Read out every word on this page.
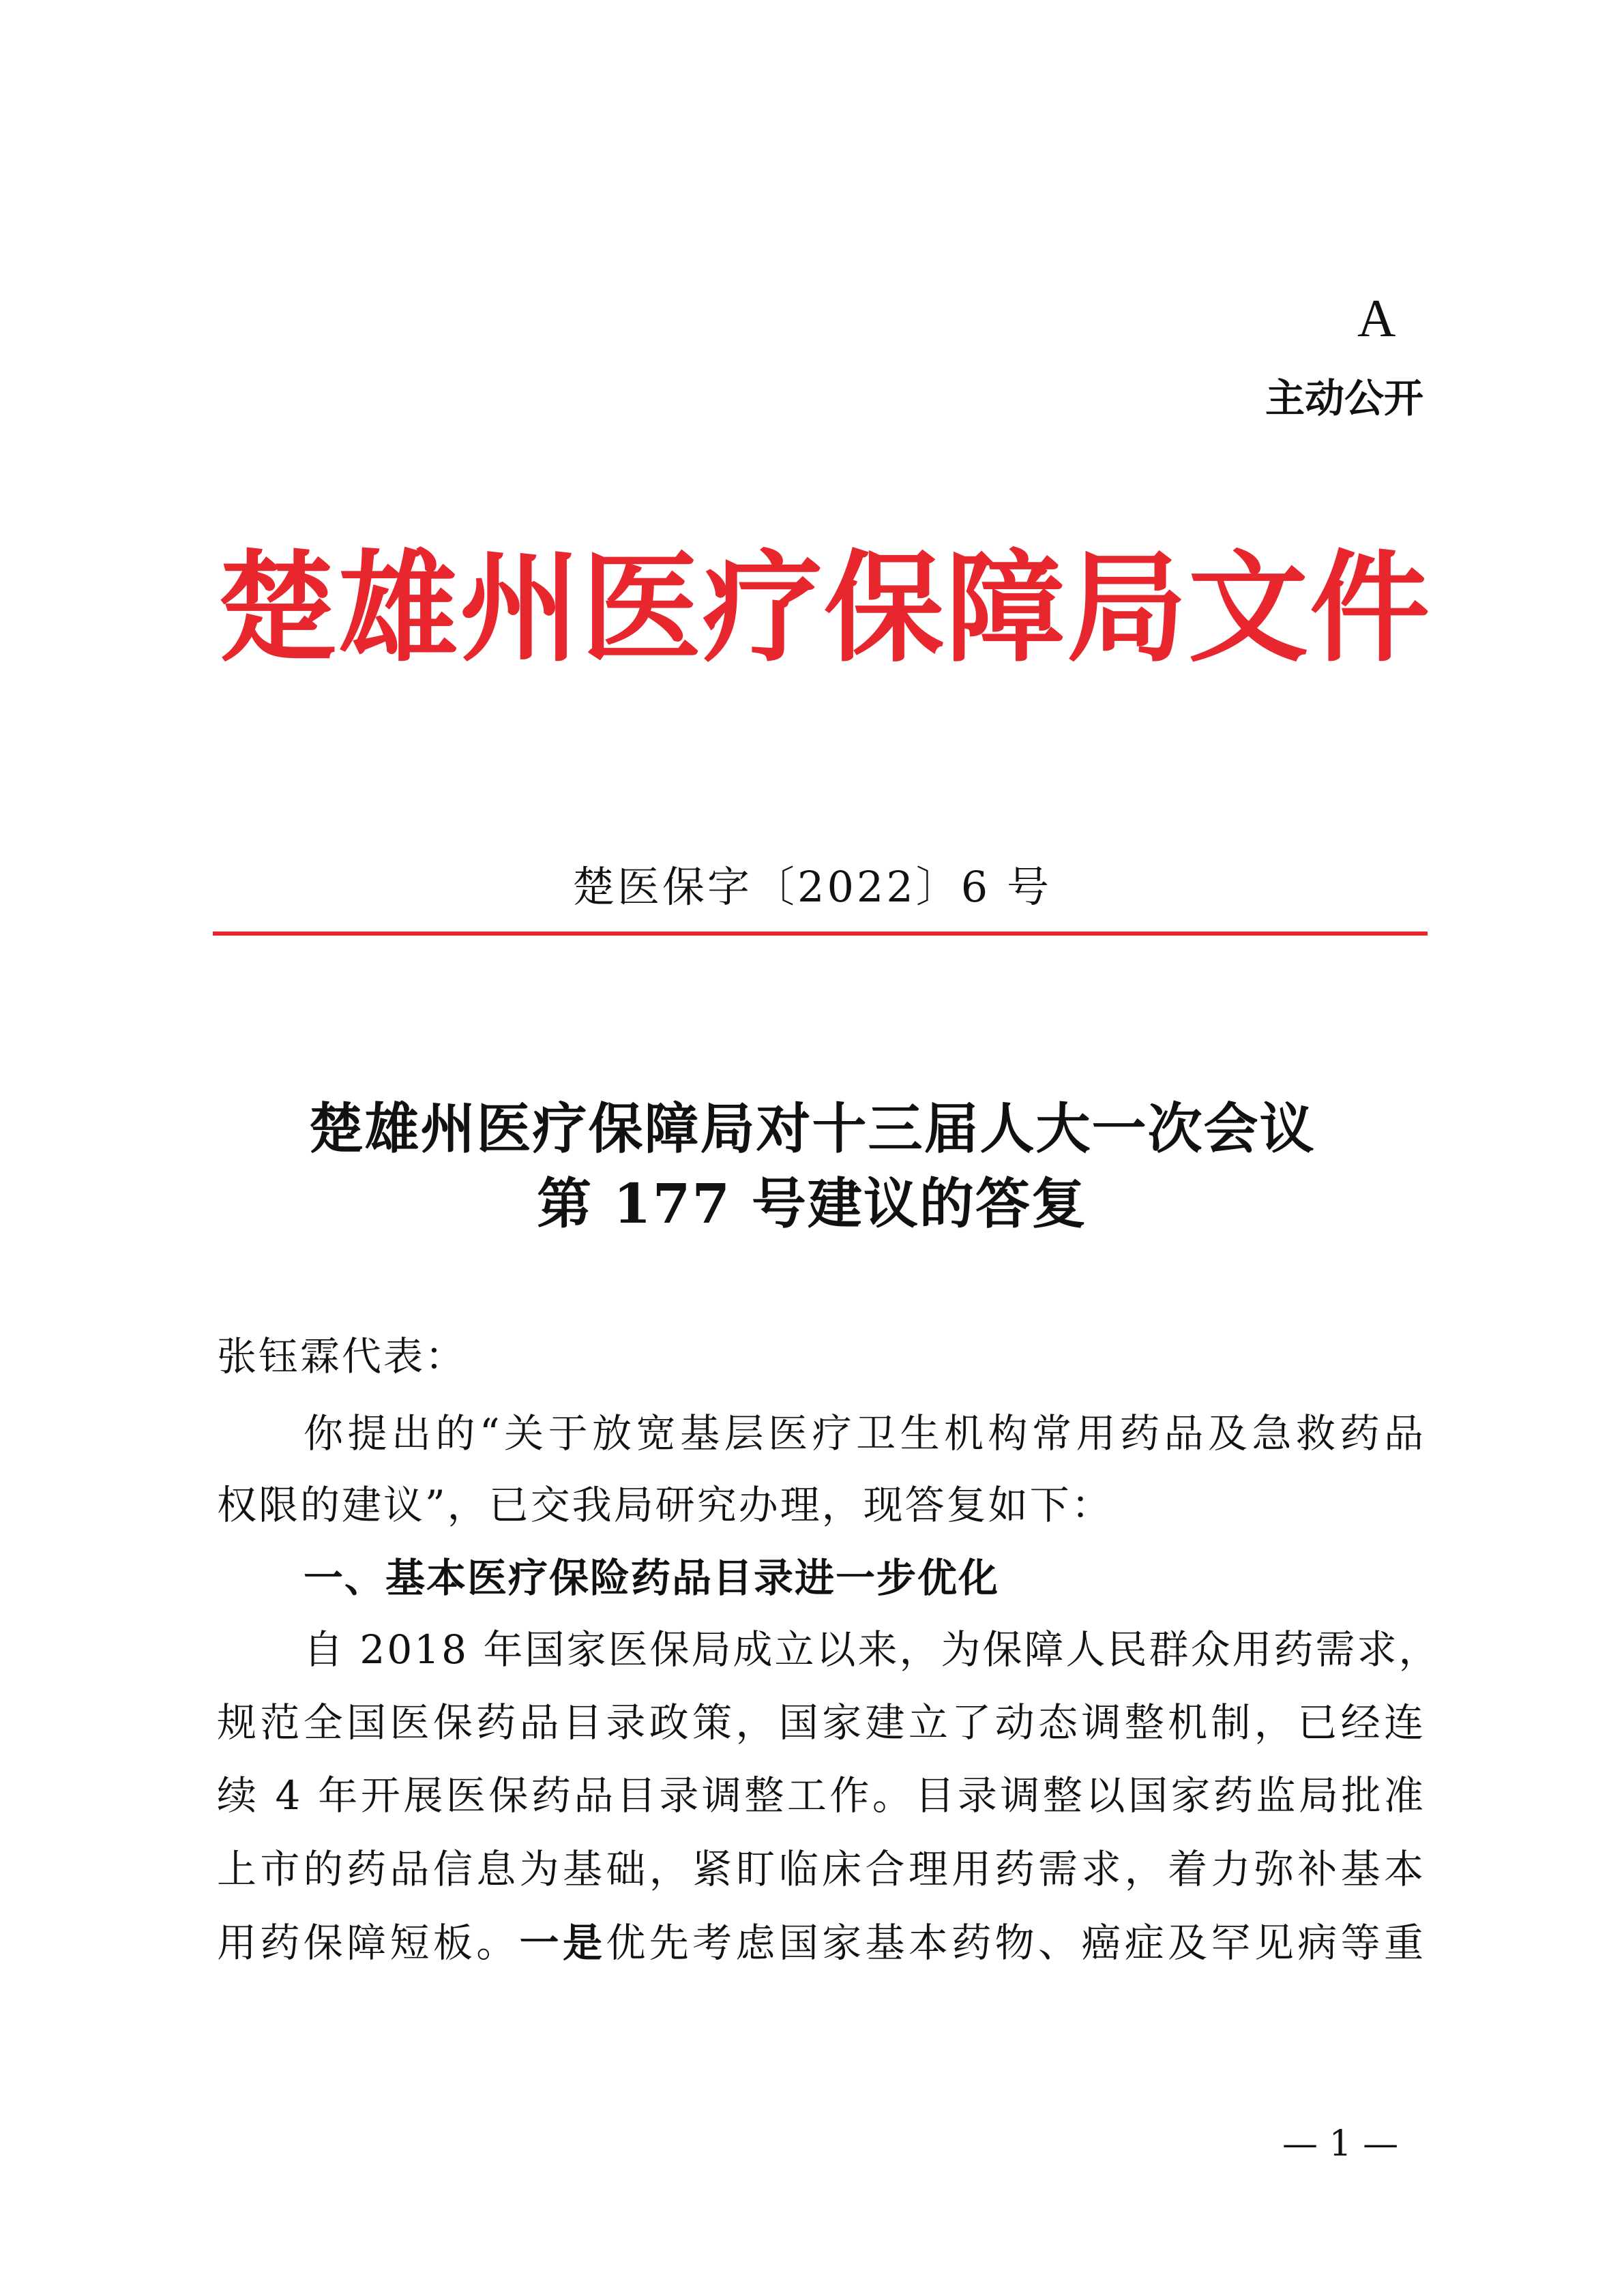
A
主动公开
楚雄州医疗保障局文件
楚医保字〔2022〕6 号
楚雄州医疗保障局对十三届人大一次会议
第 177 号建议的答复
张钰霖代表：
你提出的“关于放宽基层医疗卫生机构常用药品及急救药品
权限的建议”，已交我局研究办理，现答复如下：
一、基本医疗保险药品目录进一步优化
自 2018 年国家医保局成立以来，为保障人民群众用药需求，
规范全国医保药品目录政策，国家建立了动态调整机制，已经连
续 4 年开展医保药品目录调整工作。目录调整以国家药监局批准
上市的药品信息为基础，紧盯临床合理用药需求，着力弥补基本
用药保障短板。一是优先考虑国家基本药物、癌症及罕见病等重
— 1 —
